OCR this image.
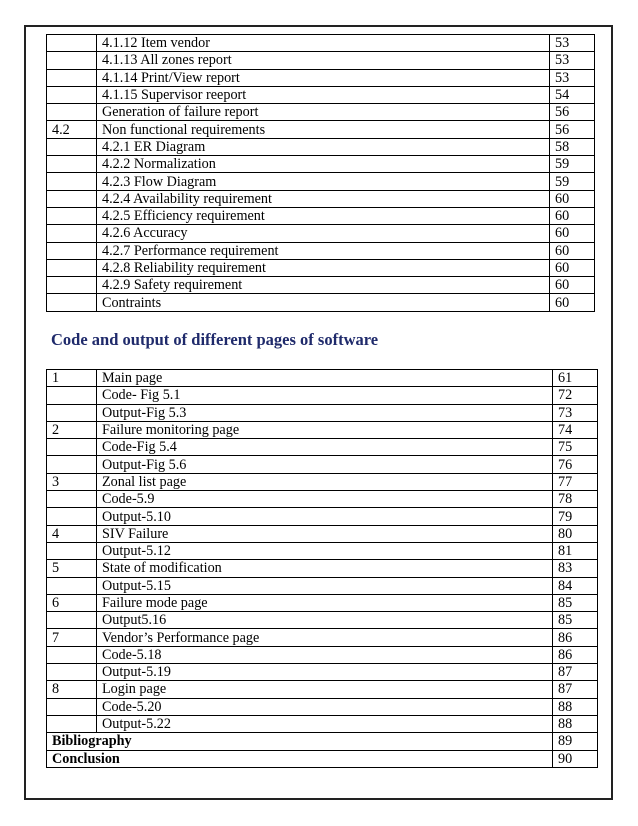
	4.1.12 Item vendor	53
	4.1.13 All zones report	53
	4.1.14 Print/View report	53
	4.1.15 Supervisor reeport	54
	Generation of failure report	56
4.2	Non functional requirements	56
	4.2.1 ER Diagram	58
	4.2.2 Normalization	59
	4.2.3 Flow Diagram	59
	4.2.4 Availability requirement	60
	4.2.5 Efficiency requirement	60
	4.2.6 Accuracy	60
	4.2.7 Performance requirement	60
	4.2.8 Reliability requirement	60
	4.2.9 Safety requirement	60
	Contraints	60
Code and output of different pages of software
1	Main page	61
	Code- Fig 5.1	72
	Output-Fig 5.3	73
2	Failure monitoring page	74
	Code-Fig 5.4	75
	Output-Fig 5.6	76
3	Zonal list page	77
	Code-5.9	78
	Output-5.10	79
4	SIV Failure	80
	Output-5.12	81
5	State of modification	83
	Output-5.15	84
6	Failure mode page	85
	Output5.16	85
7	Vendor’s Performance page	86
	Code-5.18	86
	Output-5.19	87
8	Login page	87
	Code-5.20	88
	Output-5.22	88
Bibliography		89
Conclusion		90
